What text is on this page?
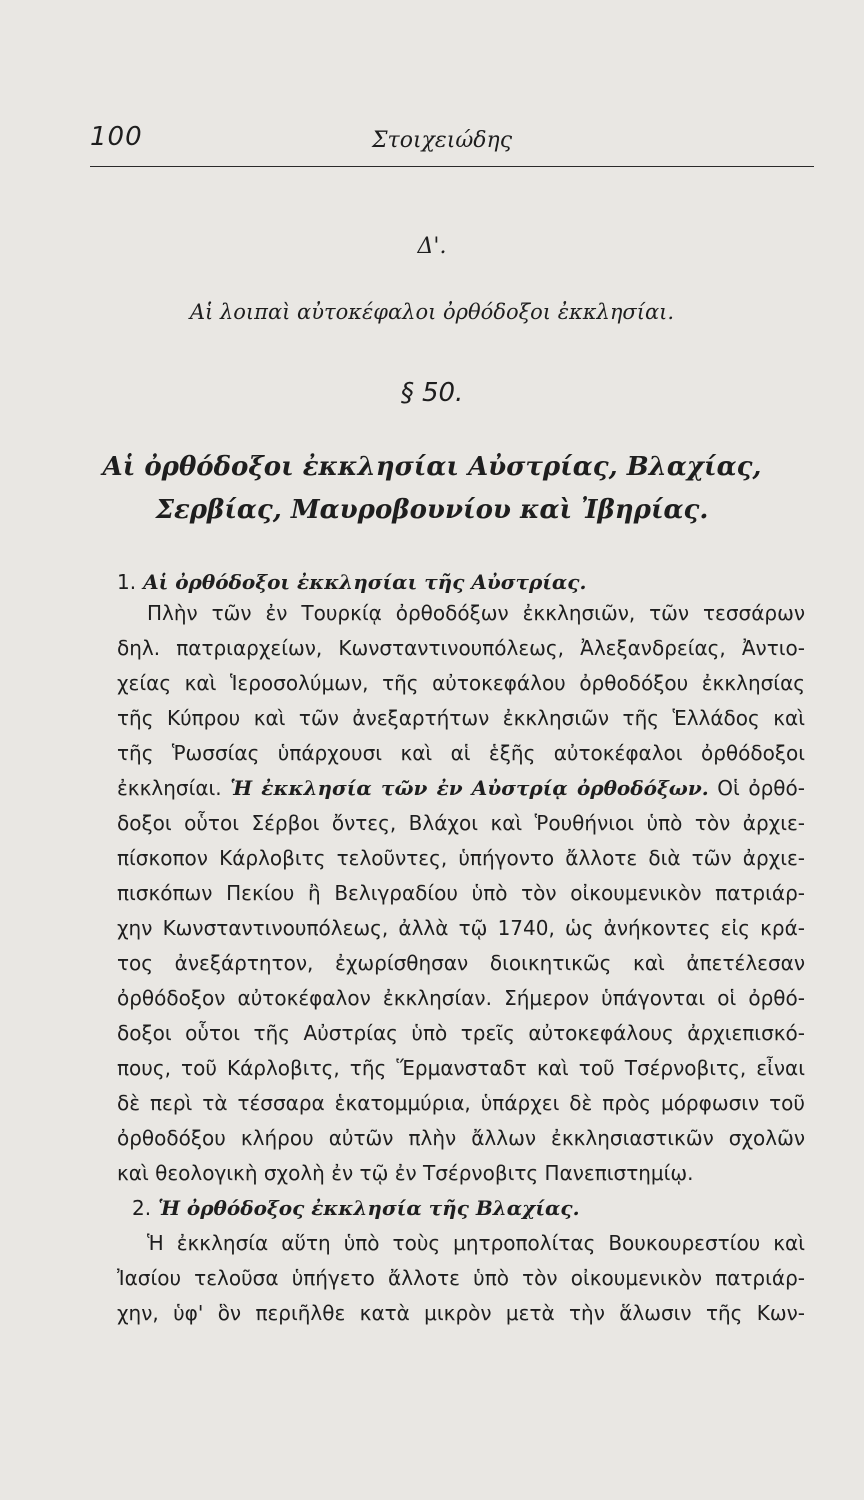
100	Στοιχειώδης
Δ'.
Αἱ λοιπαὶ αὐτοκέφαλοι ὀρθόδοξοι ἐκκλησίαι.
§ 50.
Αἱ ὀρθόδοξοι ἐκκλησίαι Αὐστρίας, Βλαχίας,
Σερβίας, Μαυροβουνίου καὶ Ἰβηρίας.
1. Αἱ ὀρθόδοξοι ἐκκλησίαι τῆς Αὐστρίας.
Πλὴν τῶν ἐν Τουρκίᾳ ὀρθοδόξων ἐκκλησιῶν, τῶν τεσσάρων
δηλ. πατριαρχείων, Κωνσταντινουπόλεως, Ἀλεξανδρείας, Ἀντιο-
χείας καὶ Ἱεροσολύμων, τῆς αὐτοκεφάλου ὀρθοδόξου ἐκκλησίας
τῆς Κύπρου καὶ τῶν ἀνεξαρτήτων ἐκκλησιῶν τῆς Ἑλλάδος καὶ
τῆς Ῥωσσίας ὑπάρχουσι καὶ αἱ ἑξῆς αὐτοκέφαλοι ὀρθόδοξοι
ἐκκλησίαι. Ἡ ἐκκλησία τῶν ἐν Αὐστρίᾳ ὀρθοδόξων. Οἱ ὀρθό-
δοξοι οὗτοι Σέρβοι ὄντες, Βλάχοι καὶ Ῥουθήνιοι ὑπὸ τὸν ἀρχιε-
πίσκοπον Κάρλοβιτς τελοῦντες, ὑπήγοντο ἄλλοτε διὰ τῶν ἀρχιε-
πισκόπων Πεκίου ἢ Βελιγραδίου ὑπὸ τὸν οἰκουμενικὸν πατριάρ-
χην Κωνσταντινουπόλεως, ἀλλὰ τῷ 1740, ὡς ἀνήκοντες εἰς κρά-
τος ἀνεξάρτητον, ἐχωρίσθησαν διοικητικῶς καὶ ἀπετέλεσαν
ὀρθόδοξον αὐτοκέφαλον ἐκκλησίαν. Σήμερον ὑπάγονται οἱ ὀρθό-
δοξοι οὗτοι τῆς Αὐστρίας ὑπὸ τρεῖς αὐτοκεφάλους ἀρχιεπισκό-
πους, τοῦ Κάρλοβιτς, τῆς Ἕρμανσταδτ καὶ τοῦ Τσέρνοβιτς, εἶναι
δὲ περὶ τὰ τέσσαρα ἑκατομμύρια, ὑπάρχει δὲ πρὸς μόρφωσιν τοῦ
ὀρθοδόξου κλήρου αὐτῶν πλὴν ἄλλων ἐκκλησιαστικῶν σχολῶν
καὶ θεολογικὴ σχολὴ ἐν τῷ ἐν Τσέρνοβιτς Πανεπιστημίῳ.
2. Ἡ ὀρθόδοξος ἐκκλησία τῆς Βλαχίας.
Ἡ ἐκκλησία αὕτη ὑπὸ τοὺς μητροπολίτας Βουκουρεστίου καὶ
Ἰασίου τελοῦσα ὑπήγετο ἄλλοτε ὑπὸ τὸν οἰκουμενικὸν πατριάρ-
χην, ὑφ' ὃν περιῆλθε κατὰ μικρὸν μετὰ τὴν ἅλωσιν τῆς Κων-
